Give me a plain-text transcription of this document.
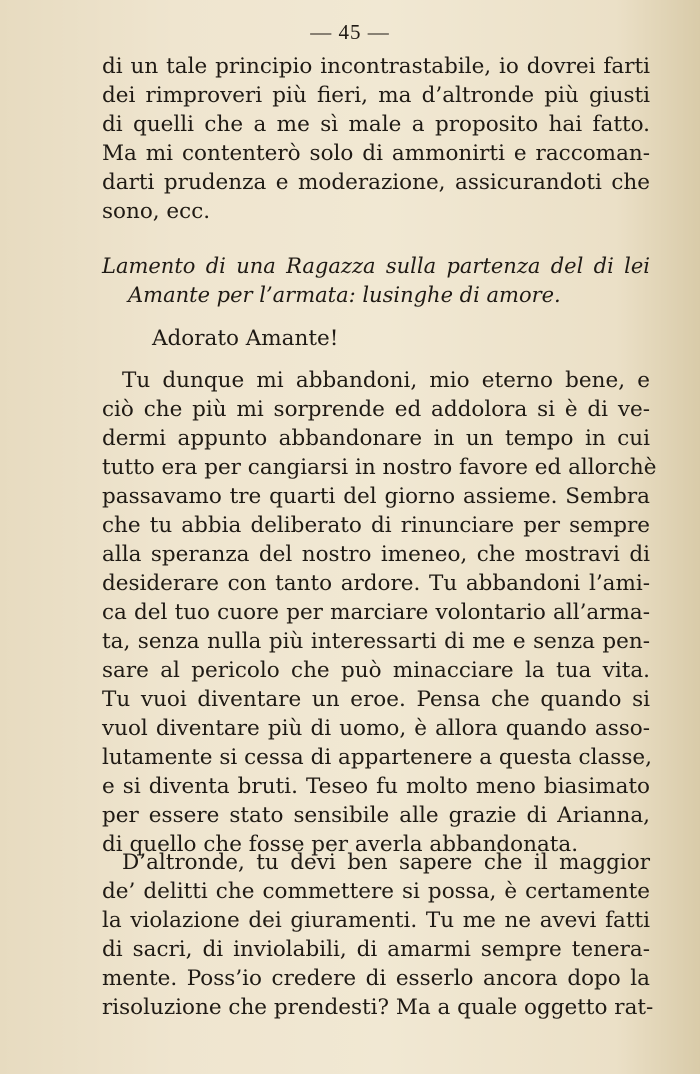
— 45 —
di un tale principio incontrastabile, io dovrei farti
dei rimproveri più fieri, ma d’altronde più giusti
di quelli che a me sì male a proposito hai fatto.
Ma mi contenterò solo di ammonirti e raccoman-
darti prudenza e moderazione, assicurandoti che
sono, ecc.
Lamento di una Ragazza sulla partenza del di lei
Amante per l’armata: lusinghe di amore.
Adorato Amante!
Tu dunque mi abbandoni, mio eterno bene, e
ciò che più mi sorprende ed addolora si è di ve-
dermi appunto abbandonare in un tempo in cui
tutto era per cangiarsi in nostro favore ed allorchè
passavamo tre quarti del giorno assieme. Sembra
che tu abbia deliberato di rinunciare per sempre
alla speranza del nostro imeneo, che mostravi di
desiderare con tanto ardore. Tu abbandoni l’ami-
ca del tuo cuore per marciare volontario all’arma-
ta, senza nulla più interessarti di me e senza pen-
sare al pericolo che può minacciare la tua vita.
Tu vuoi diventare un eroe. Pensa che quando si
vuol diventare più di uomo, è allora quando asso-
lutamente si cessa di appartenere a questa classe,
e si diventa bruti. Teseo fu molto meno biasimato
per essere stato sensibile alle grazie di Arianna,
di quello che fosse per averla abbandonata.
D’altronde, tu devi ben sapere che il maggior
de’ delitti che commettere si possa, è certamente
la violazione dei giuramenti. Tu me ne avevi fatti
di sacri, di inviolabili, di amarmi sempre tenera-
mente. Poss’io credere di esserlo ancora dopo la
risoluzione che prendesti? Ma a quale oggetto rat-
